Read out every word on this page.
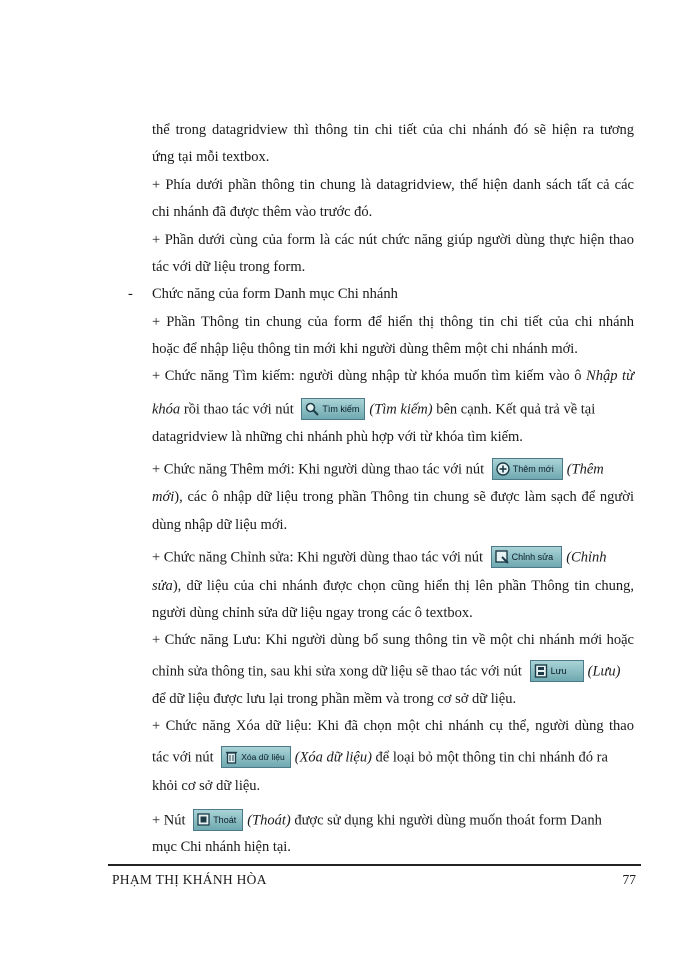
thể trong datagridview thì thông tin chi tiết của chi nhánh đó sẽ hiện ra tương
ứng tại mỗi textbox.
+ Phía dưới phần thông tin chung là datagridview, thể hiện danh sách tất cả các
chi nhánh đã được thêm vào trước đó.
+ Phần dưới cùng của form là các nút chức năng giúp người dùng thực hiện thao
tác với dữ liệu trong form.
- Chức năng của form Danh mục Chi nhánh
+ Phần Thông tin chung của form để hiển thị thông tin chi tiết của chi nhánh
hoặc để nhập liệu thông tin mới khi người dùng thêm một chi nhánh mới.
+ Chức năng Tìm kiếm: người dùng nhập từ khóa muốn tìm kiếm vào ô Nhập từ
khóa rồi thao tác với nút	Tìm kiếm (Tìm kiếm) bên cạnh. Kết quả trả về tại
datagridview là những chi nhánh phù hợp với từ khóa tìm kiếm.
+ Chức năng Thêm mới: Khi người dùng thao tác với nút	Thêm mới (Thêm
mới), các ô nhập dữ liệu trong phần Thông tin chung sẽ được làm sạch để người
dùng nhập dữ liệu mới.
+ Chức năng Chỉnh sửa: Khi người dùng thao tác với nút	Chỉnh sửa (Chỉnh
sửa), dữ liệu của chi nhánh được chọn cũng hiển thị lên phần Thông tin chung,
người dùng chỉnh sửa dữ liệu ngay trong các ô textbox.
+ Chức năng Lưu: Khi người dùng bổ sung thông tin về một chi nhánh mới hoặc
chỉnh sửa thông tin, sau khi sửa xong dữ liệu sẽ thao tác với nút	Lưu (Lưu)
để dữ liệu được lưu lại trong phần mềm và trong cơ sở dữ liệu.
+ Chức năng Xóa dữ liệu: Khi đã chọn một chi nhánh cụ thể, người dùng thao
tác với nút	Xóa dữ liệu (Xóa dữ liệu) để loại bỏ một thông tin chi nhánh đó ra
khỏi cơ sở dữ liệu.
+ Nút	Thoát (Thoát) được sử dụng khi người dùng muốn thoát form Danh
mục Chi nhánh hiện tại.
PHẠM THỊ KHÁNH HÒA	77
